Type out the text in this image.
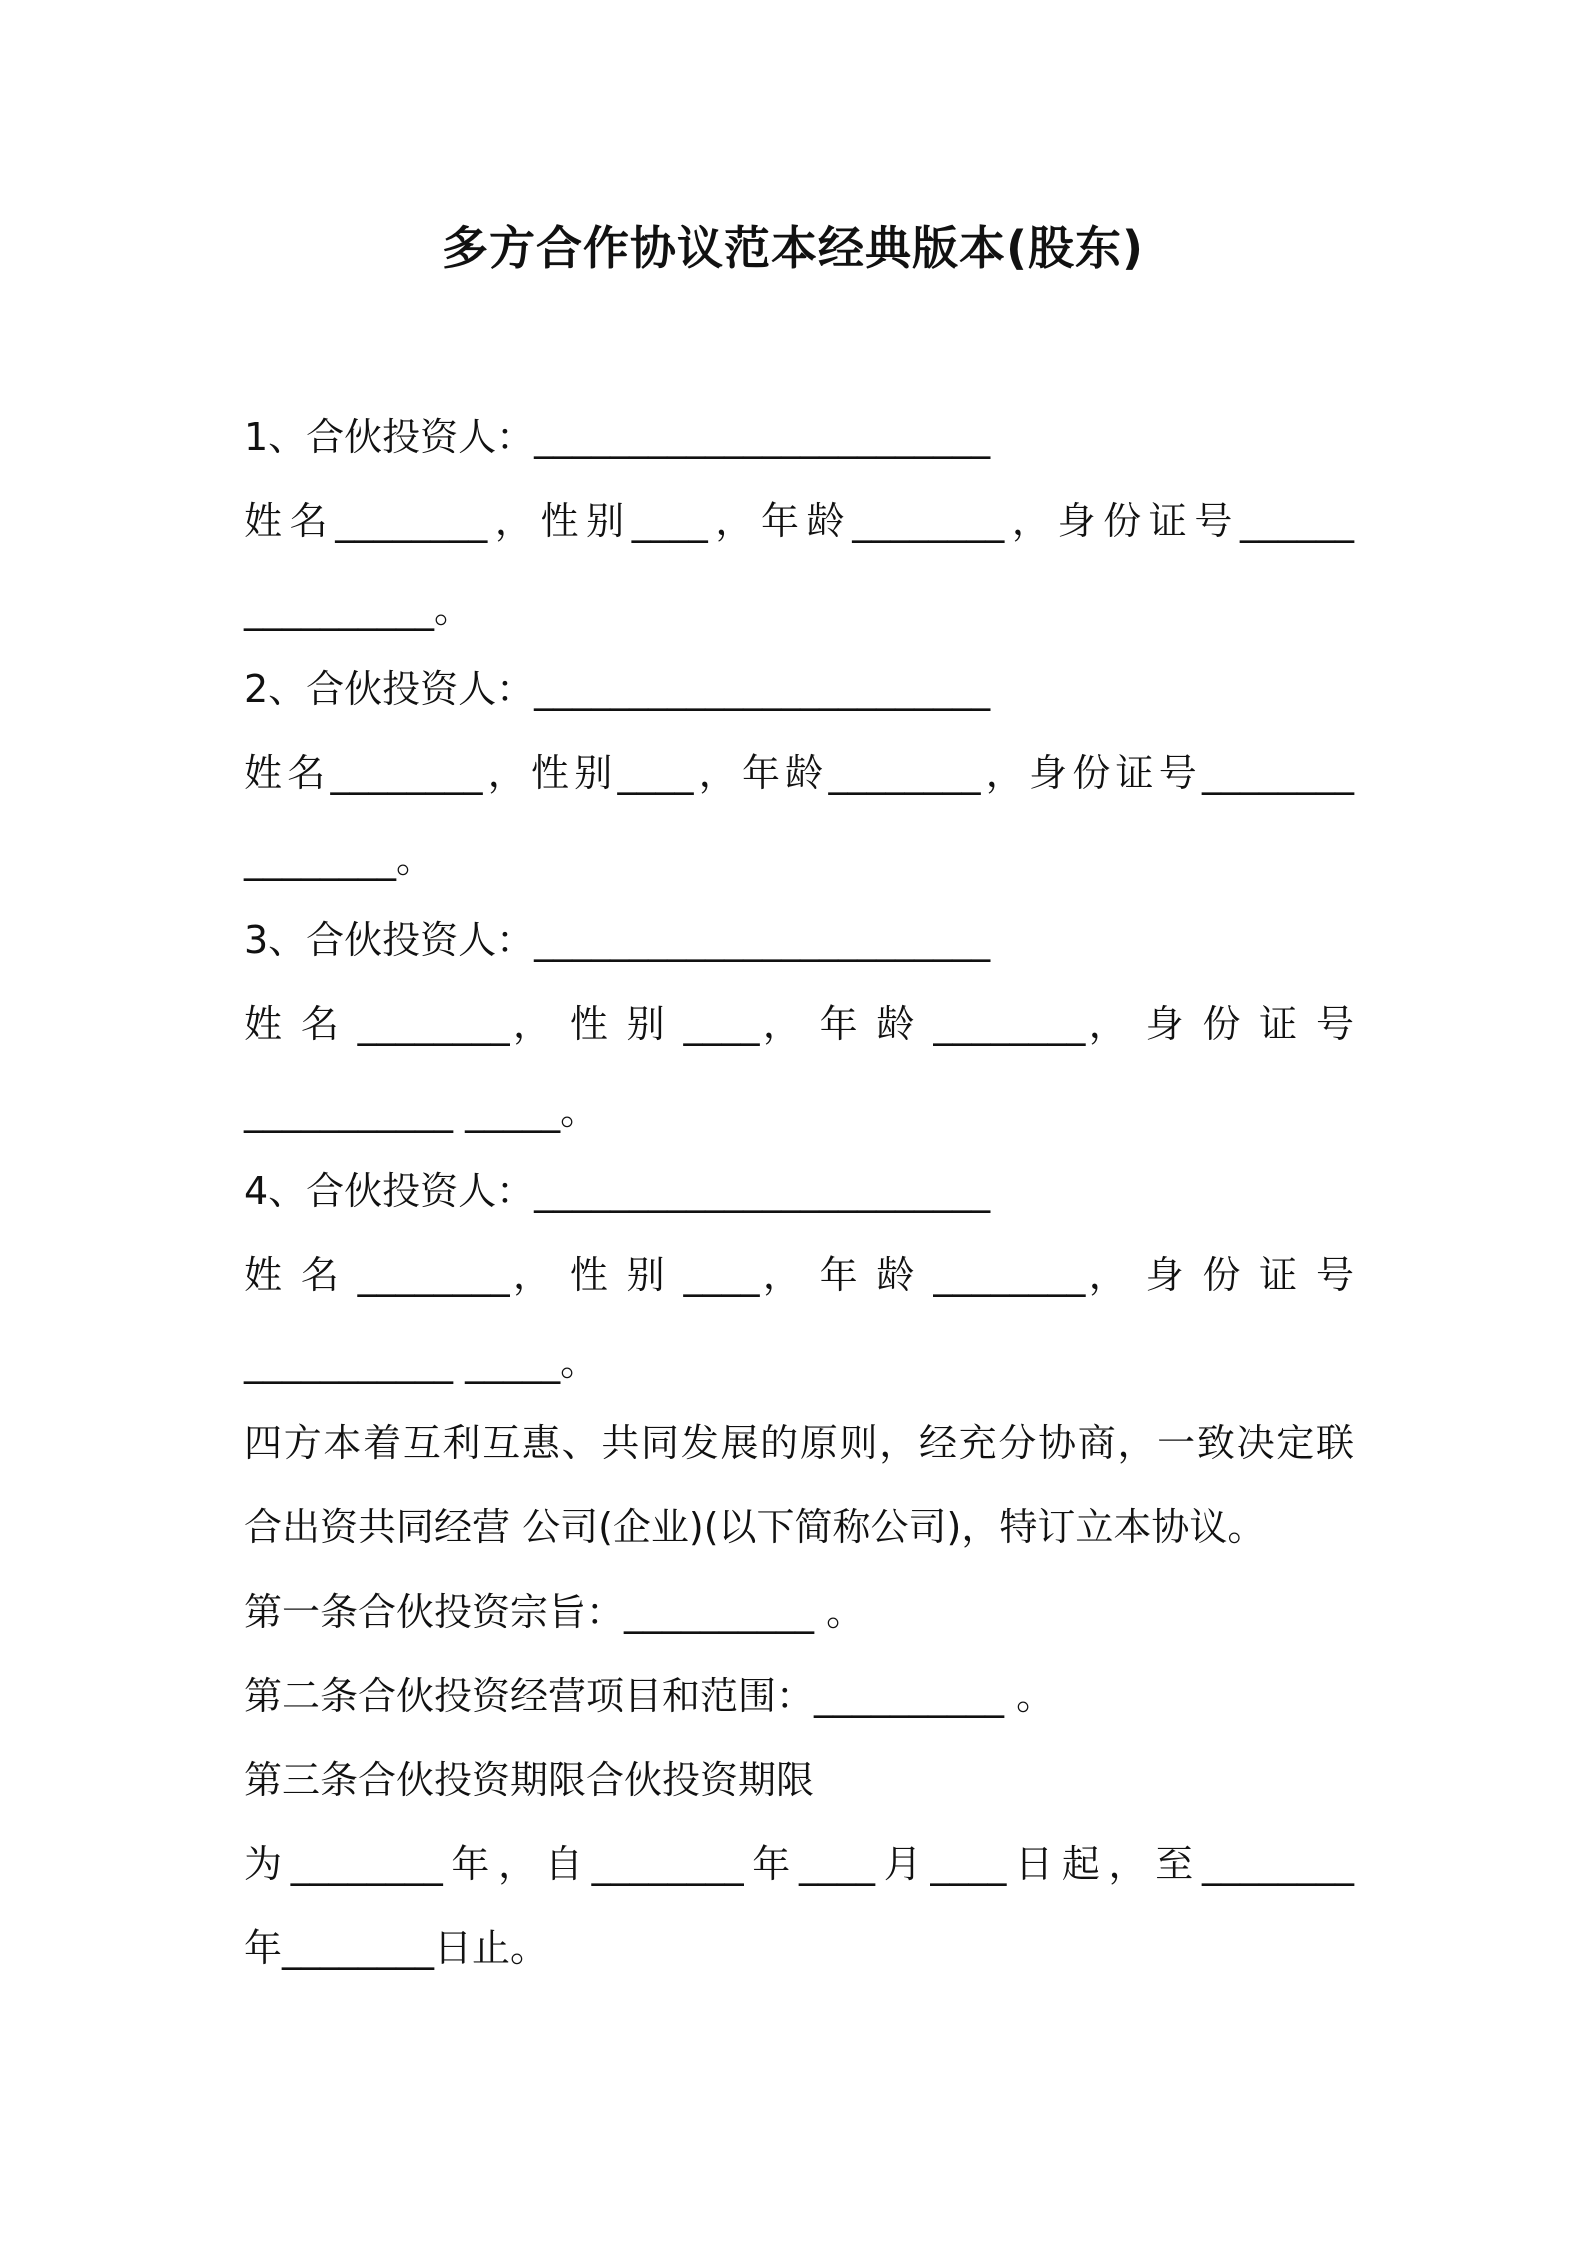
多方合作协议范本经典版本(股东)
1、合伙投资人：________________________
姓名________，性别____，年龄________，身份证号______
__________。
2、合伙投资人：________________________
姓名________，性别____，年龄________，身份证号________
________。
3、合伙投资人：________________________
姓 名 ________， 性 别 ____， 年 龄 ________， 身 份 证 号
___________ _____。
4、合伙投资人：________________________
姓 名 ________， 性 别 ____， 年 龄 ________， 身 份 证 号
___________ _____。
四方本着互利互惠、共同发展的原则，经充分协商，一致决定联
合出资共同经营 公司(企业)(以下简称公司)，特订立本协议。
第一条合伙投资宗旨：__________ 。
第二条合伙投资经营项目和范围：__________ 。
第三条合伙投资期限合伙投资期限
为________年，自________年____月____日起，至________
年________日止。
